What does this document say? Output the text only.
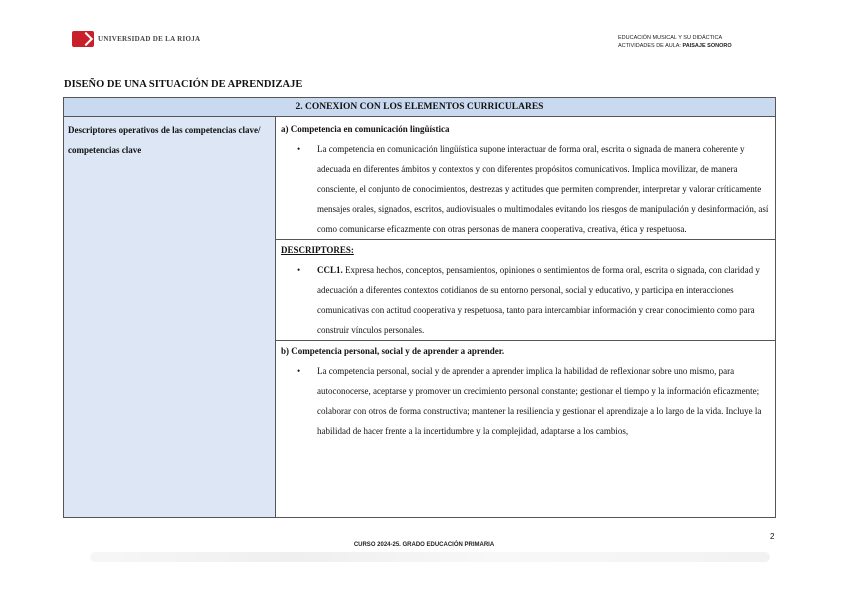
UNIVERSIDAD DE LA RIOJA	EDUCACIÓN MUSICAL Y SU DIDÁCTICA
ACTIVIDADES DE AULA: PAISAJE SONORO
DISEÑO DE UNA SITUACIÓN DE APRENDIZAJE
2. CONEXION CON LOS ELEMENTOS CURRICULARES
Descriptores operativos de las competencias clave/ competencias clave	
a) Competencia en comunicación lingüística
• La competencia en comunicación lingüística supone interactuar de forma oral, escrita o signada de manera coherente y adecuada en diferentes ámbitos y contextos y con diferentes propósitos comunicativos. Implica movilizar, de manera consciente, el conjunto de conocimientos, destrezas y actitudes que permiten comprender, interpretar y valorar críticamente mensajes orales, signados, escritos, audiovisuales o multimodales evitando los riesgos de manipulación y desinformación, así como comunicarse eficazmente con otras personas de manera cooperativa, creativa, ética y respetuosa.
DESCRIPTORES:
• CCL1. Expresa hechos, conceptos, pensamientos, opiniones o sentimientos de forma oral, escrita o signada, con claridad y adecuación a diferentes contextos cotidianos de su entorno personal, social y educativo, y participa en interacciones comunicativas con actitud cooperativa y respetuosa, tanto para intercambiar información y crear conocimiento como para construir vínculos personales.
b) Competencia personal, social y de aprender a aprender.
• La competencia personal, social y de aprender a aprender implica la habilidad de reflexionar sobre uno mismo, para autoconocerse, aceptarse y promover un crecimiento personal constante; gestionar el tiempo y la información eficazmente; colaborar con otros de forma constructiva; mantener la resiliencia y gestionar el aprendizaje a lo largo de la vida. Incluye la habilidad de hacer frente a la incertidumbre y la complejidad, adaptarse a los cambios,
2
CURSO 2024-25. GRADO EDUCACIÓN PRIMARIA
